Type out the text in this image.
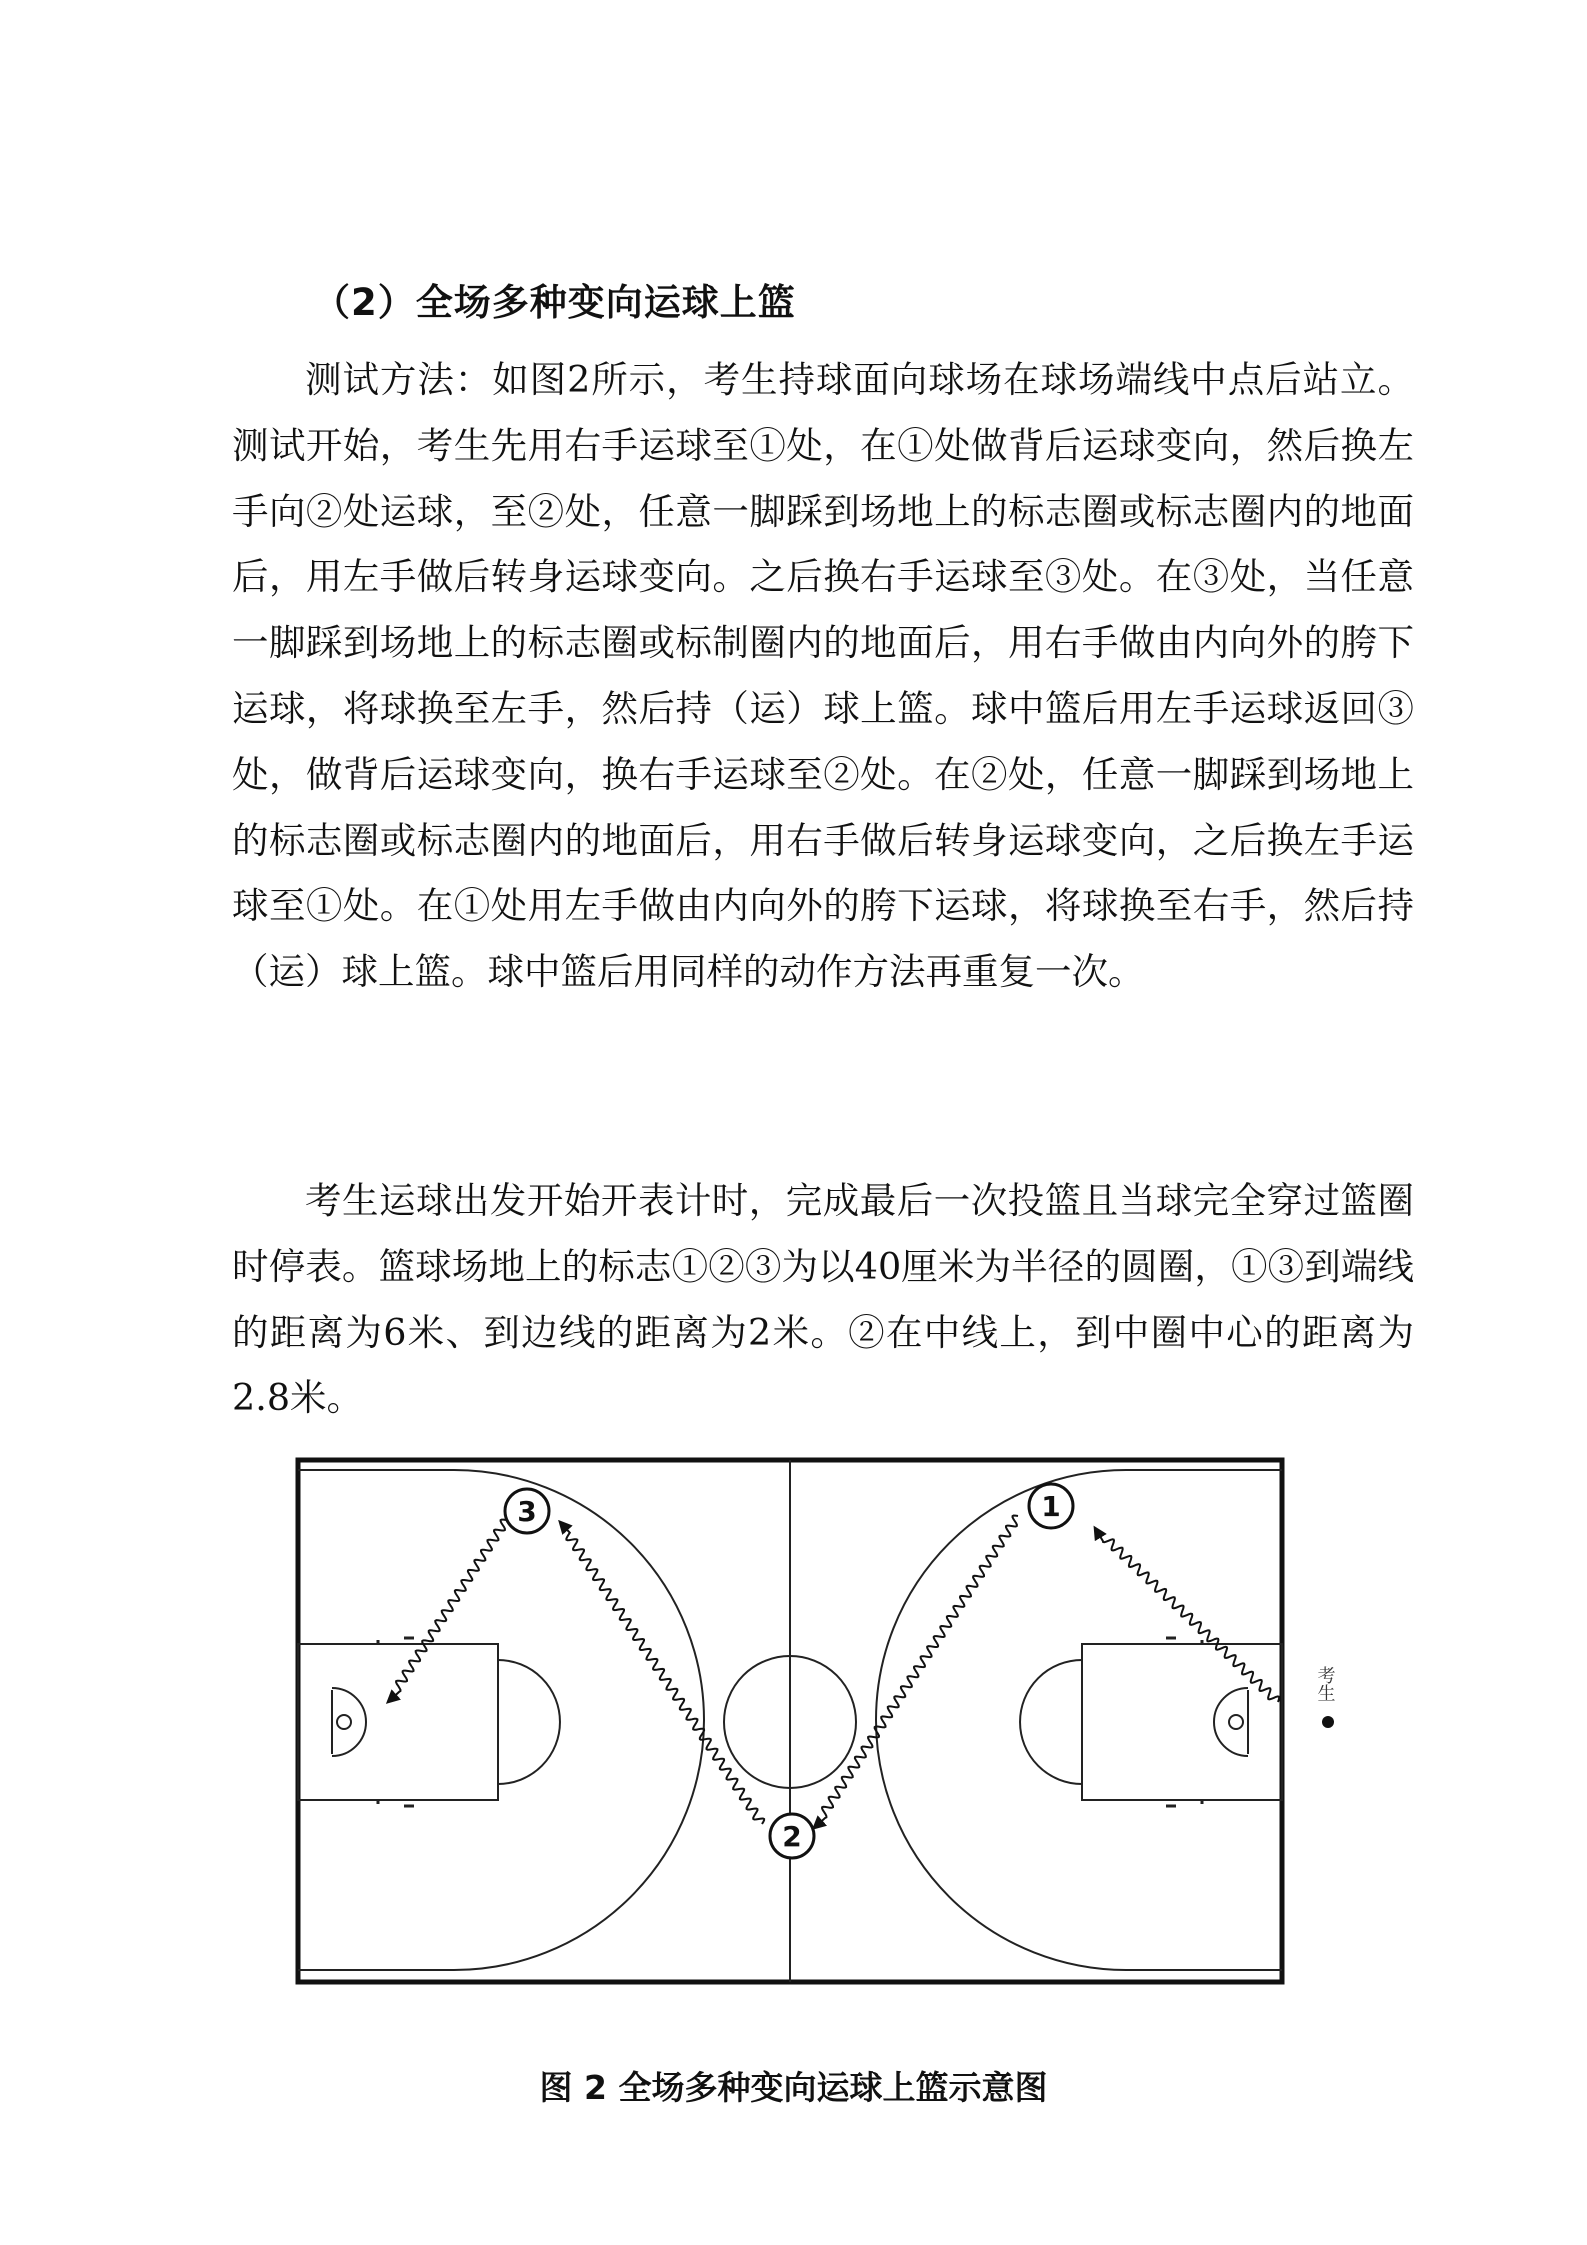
（2）全场多种变向运球上篮

测试方法：如图2所示，考生持球面向球场在球场端线中点后站立。测试开始，考生先用右手运球至①处，在①处做背后运球变向，然后换左手向②处运球，至②处，任意一脚踩到场地上的标志圈或标志圈内的地面后，用左手做后转身运球变向。之后换右手运球至③处。在③处，当任意一脚踩到场地上的标志圈或标制圈内的地面后，用右手做由内向外的胯下运球，将球换至左手，然后持（运）球上篮。球中篮后用左手运球返回③处，做背后运球变向，换右手运球至②处。在②处，任意一脚踩到场地上的标志圈或标志圈内的地面后，用右手做后转身运球变向，之后换左手运球至①处。在①处用左手做由内向外的胯下运球，将球换至右手，然后持（运）球上篮。球中篮后用同样的动作方法再重复一次。

考生运球出发开始开表计时，完成最后一次投篮且当球完全穿过篮圈时停表。篮球场地上的标志①②③为以40厘米为半径的圆圈，①③到端线的距离为6米、到边线的距离为2米。②在中线上，到中圈中心的距离为2.8米。

1
2
3
考生
图 2 全场多种变向运球上篮示意图
